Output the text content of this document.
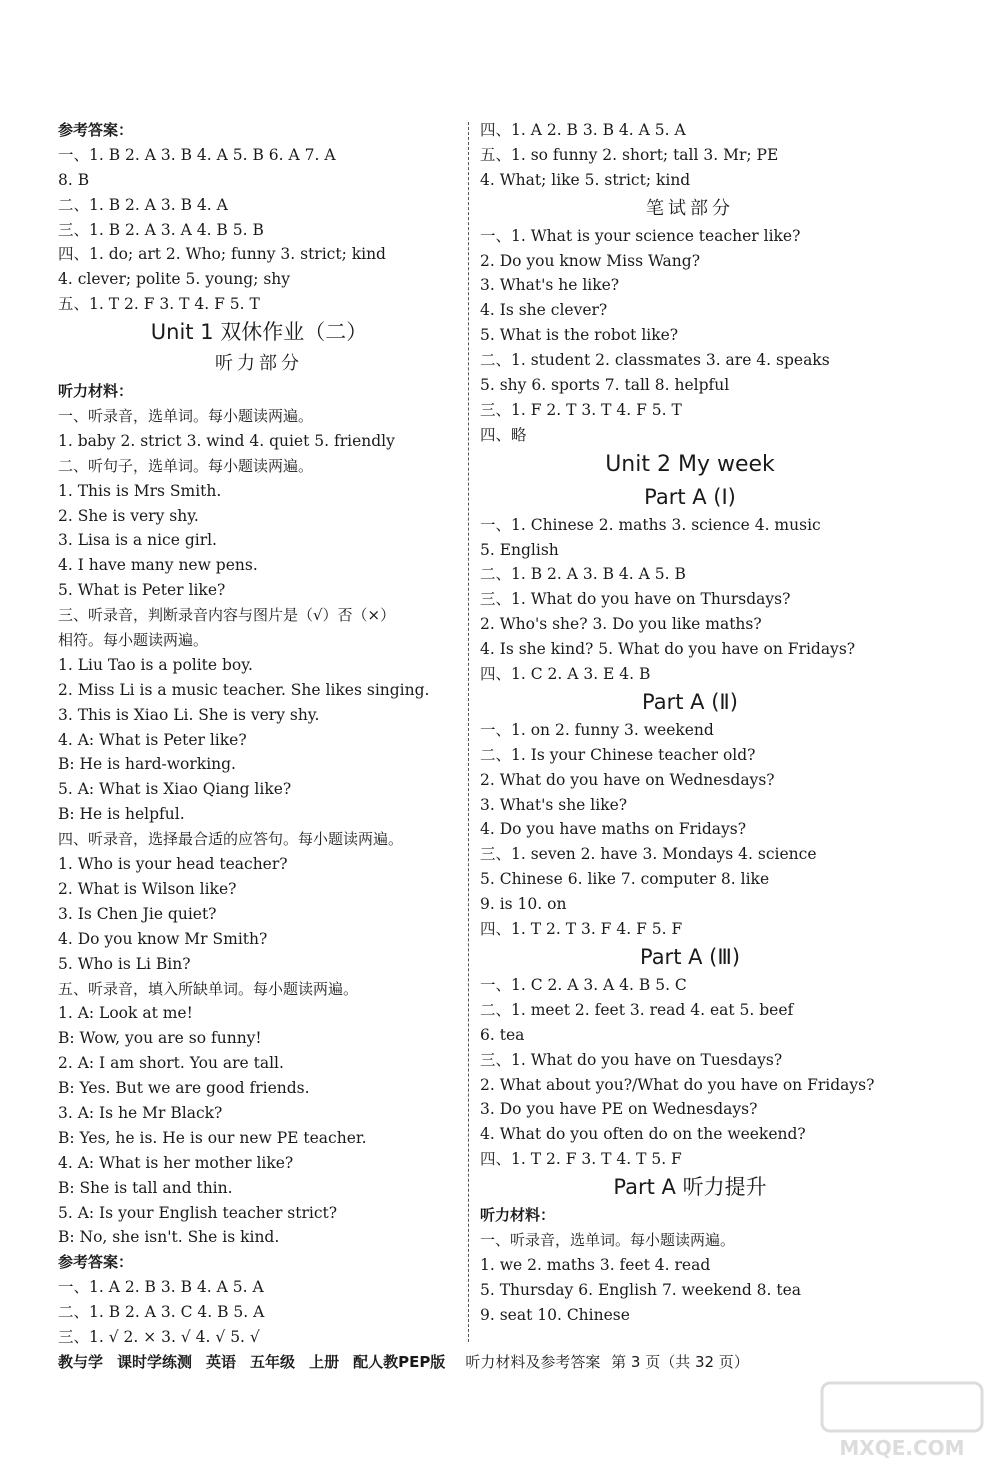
参考答案：
一、1. B 2. A 3. B 4. A 5. B 6. A 7. A
8. B
二、1. B 2. A 3. B 4. A
三、1. B 2. A 3. A 4. B 5. B
四、1. do; art 2. Who; funny 3. strict; kind
4. clever; polite 5. young; shy
五、1. T 2. F 3. T 4. F 5. T
Unit 1 双休作业（二）
听力部分
听力材料：
一、听录音，选单词。每小题读两遍。
1. baby 2. strict 3. wind 4. quiet 5. friendly
二、听句子，选单词。每小题读两遍。
1. This is Mrs Smith.
2. She is very shy.
3. Lisa is a nice girl.
4. I have many new pens.
5. What is Peter like?
三、听录音，判断录音内容与图片是（√）否（×）
相符。每小题读两遍。
1. Liu Tao is a polite boy.
2. Miss Li is a music teacher. She likes singing.
3. This is Xiao Li. She is very shy.
4. A: What is Peter like?
B: He is hard-working.
5. A: What is Xiao Qiang like?
B: He is helpful.
四、听录音，选择最合适的应答句。每小题读两遍。
1. Who is your head teacher?
2. What is Wilson like?
3. Is Chen Jie quiet?
4. Do you know Mr Smith?
5. Who is Li Bin?
五、听录音，填入所缺单词。每小题读两遍。
1. A: Look at me!
B: Wow, you are so funny!
2. A: I am short. You are tall.
B: Yes. But we are good friends.
3. A: Is he Mr Black?
B: Yes, he is. He is our new PE teacher.
4. A: What is her mother like?
B: She is tall and thin.
5. A: Is your English teacher strict?
B: No, she isn't. She is kind.
参考答案：
一、1. A 2. B 3. B 4. A 5. A
二、1. B 2. A 3. C 4. B 5. A
三、1. √ 2. × 3. √ 4. √ 5. √
四、1. A 2. B 3. B 4. A 5. A
五、1. so funny 2. short; tall 3. Mr; PE
4. What; like 5. strict; kind
笔试部分
一、1. What is your science teacher like?
2. Do you know Miss Wang?
3. What's he like?
4. Is she clever?
5. What is the robot like?
二、1. student 2. classmates 3. are 4. speaks
5. shy 6. sports 7. tall 8. helpful
三、1. F 2. T 3. T 4. F 5. T
四、略
Unit 2 My week
Part A (Ⅰ)
一、1. Chinese 2. maths 3. science 4. music
5. English
二、1. B 2. A 3. B 4. A 5. B
三、1. What do you have on Thursdays?
2. Who's she? 3. Do you like maths?
4. Is she kind? 5. What do you have on Fridays?
四、1. C 2. A 3. E 4. B
Part A (Ⅱ)
一、1. on 2. funny 3. weekend
二、1. Is your Chinese teacher old?
2. What do you have on Wednesdays?
3. What's she like?
4. Do you have maths on Fridays?
三、1. seven 2. have 3. Mondays 4. science
5. Chinese 6. like 7. computer 8. like
9. is 10. on
四、1. T 2. T 3. F 4. F 5. F
Part A (Ⅲ)
一、1. C 2. A 3. A 4. B 5. C
二、1. meet 2. feet 3. read 4. eat 5. beef
6. tea
三、1. What do you have on Tuesdays?
2. What about you?/What do you have on Fridays?
3. Do you have PE on Wednesdays?
4. What do you often do on the weekend?
四、1. T 2. F 3. T 4. T 5. F
Part A 听力提升
听力材料：
一、听录音，选单词。每小题读两遍。
1. we 2. maths 3. feet 4. read
5. Thursday 6. English 7. weekend 8. tea
9. seat 10. Chinese
教与学 课时学练测 英语 五年级 上册 配人教PEP版 听力材料及参考答案 第 3 页（共 32 页）
MXQE.COM
